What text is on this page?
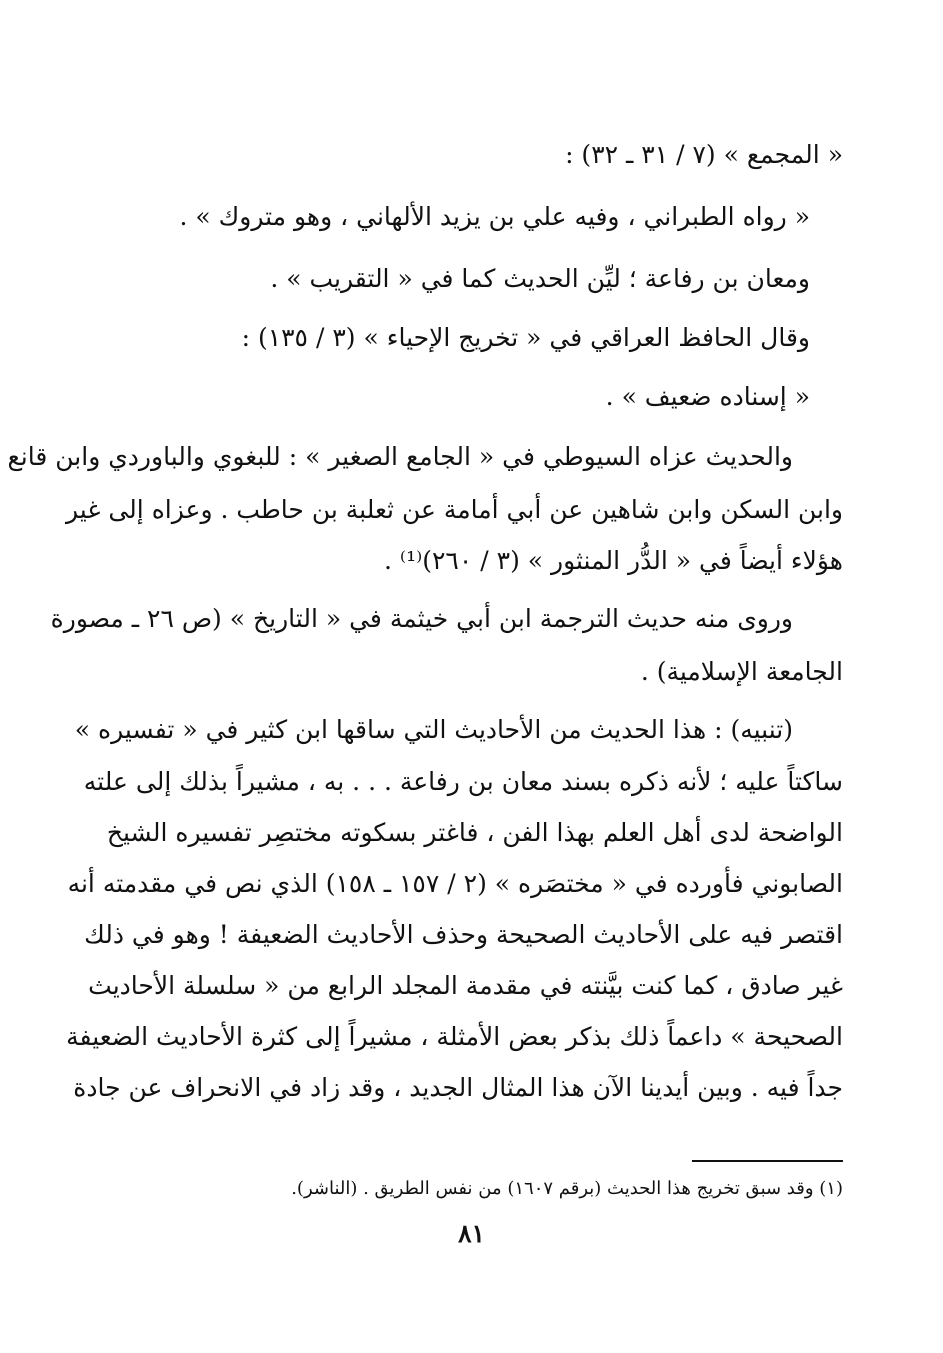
« المجمع » (٧ / ٣١ ـ ٣٢) :
« رواه الطبراني ، وفيه علي بن يزيد الألهاني ، وهو متروك » .
ومعان بن رفاعة ؛ ليِّن الحديث كما في « التقريب » .
وقال الحافظ العراقي في « تخريج الإحياء » (٣ / ١٣٥) :
« إسناده ضعيف » .
والحديث عزاه السيوطي في « الجامع الصغير » : للبغوي والباوردي وابن قانع
وابن السكن وابن شاهين عن أبي أمامة عن ثعلبة بن حاطب . وعزاه إلى غير
هؤلاء أيضاً في « الدُّر المنثور » (٣ / ٢٦٠)⁽¹⁾ .
وروى منه حديث الترجمة ابن أبي خيثمة في « التاريخ » (ص ٢٦ ـ مصورة
الجامعة الإسلامية) .
(تنبيه) : هذا الحديث من الأحاديث التي ساقها ابن كثير في « تفسيره »
ساكتاً عليه ؛ لأنه ذكره بسند معان بن رفاعة . . . به ، مشيراً بذلك إلى علته
الواضحة لدى أهل العلم بهذا الفن ، فاغتر بسكوته مختصِر تفسيره الشيخ
الصابوني فأورده في « مختصَره » (٢ / ١٥٧ ـ ١٥٨) الذي نص في مقدمته أنه
اقتصر فيه على الأحاديث الصحيحة وحذف الأحاديث الضعيفة ! وهو في ذلك
غير صادق ، كما كنت بيَّنته في مقدمة المجلد الرابع من « سلسلة الأحاديث
الصحيحة » داعماً ذلك بذكر بعض الأمثلة ، مشيراً إلى كثرة الأحاديث الضعيفة
جداً فيه . وبين أيدينا الآن هذا المثال الجديد ، وقد زاد في الانحراف عن جادة
(١) وقد سبق تخريج هذا الحديث (برقم ١٦٠٧) من نفس الطريق . (الناشر).
٨١
